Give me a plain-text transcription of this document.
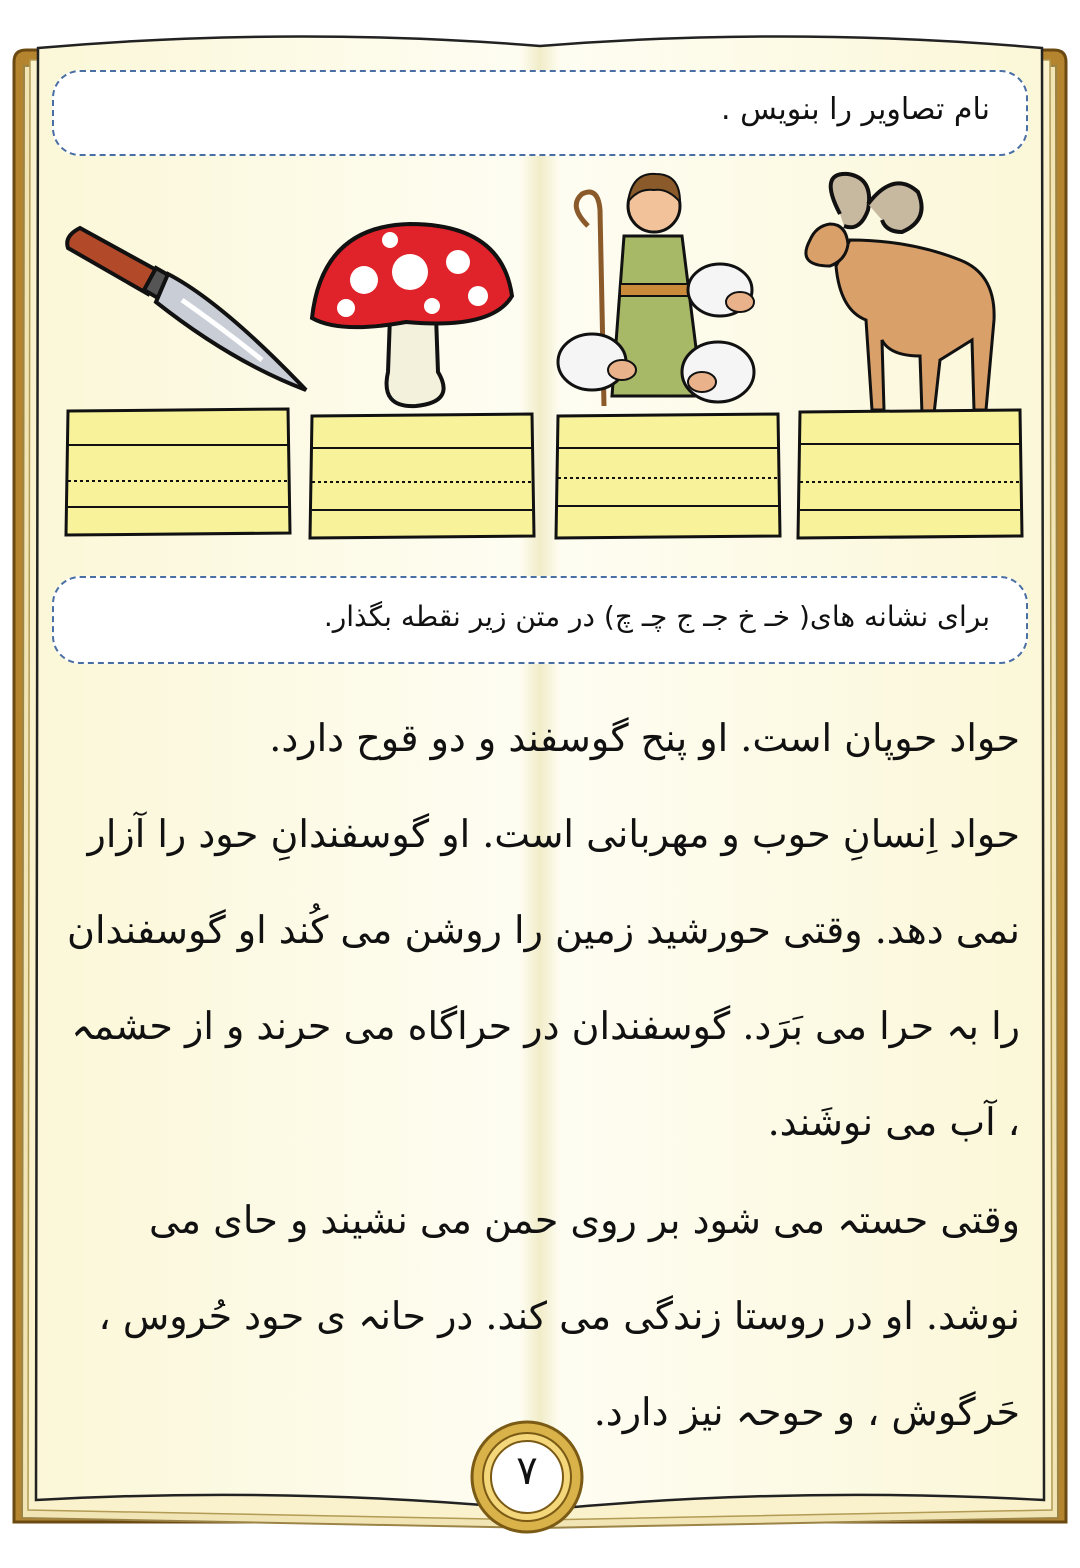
نام تصاویر را بنویس .
برای نشانه های( خـ خ جـ ج چـ چ) در متن زیر نقطه بگذار.

حواد حوپان است. او پنح گوسفند و دو قوح دارد.

حواد اِنسانِ حوب و مهربانی است. او گوسفندانِ حود را آزار نمی دهد. وقتی حورشید زمین را روشن می کُند او گوسفندان را بہ حرا می بَرَد. گوسفندان در حراگاه می حرند و از حشمہ ، آب می نوشَند.

وقتی حستہ می شود بر روی حمن می نشیند و حای می نوشد. او در روستا زندگی می کند. در حانہ ی حود حُروس ، حَرگوش ، و حوحہ نیز دارد.

۷
